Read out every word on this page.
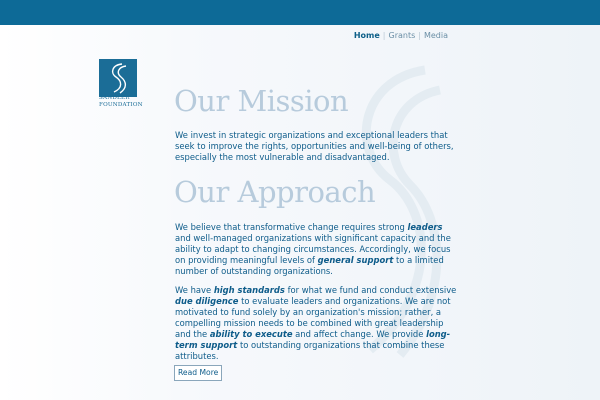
Home | Grants | Media
SANDLER
FOUNDATION Our Mission
We invest in strategic organizations and exceptional leaders that seek to improve the rights, opportunities and well-being of others, especially the most vulnerable and disadvantaged.
Our Approach
We believe that transformative change requires strong leaders and well-managed organizations with significant capacity and the ability to adapt to changing circumstances. Accordingly, we focus on providing meaningful levels of general support to a limited number of outstanding organizations.
We have high standards for what we fund and conduct extensive due diligence to evaluate leaders and organizations. We are not motivated to fund solely by an organization's mission; rather, a compelling mission needs to be combined with great leadership and the ability to execute and affect change. We provide long-term support to outstanding organizations that combine these attributes.
Read More
